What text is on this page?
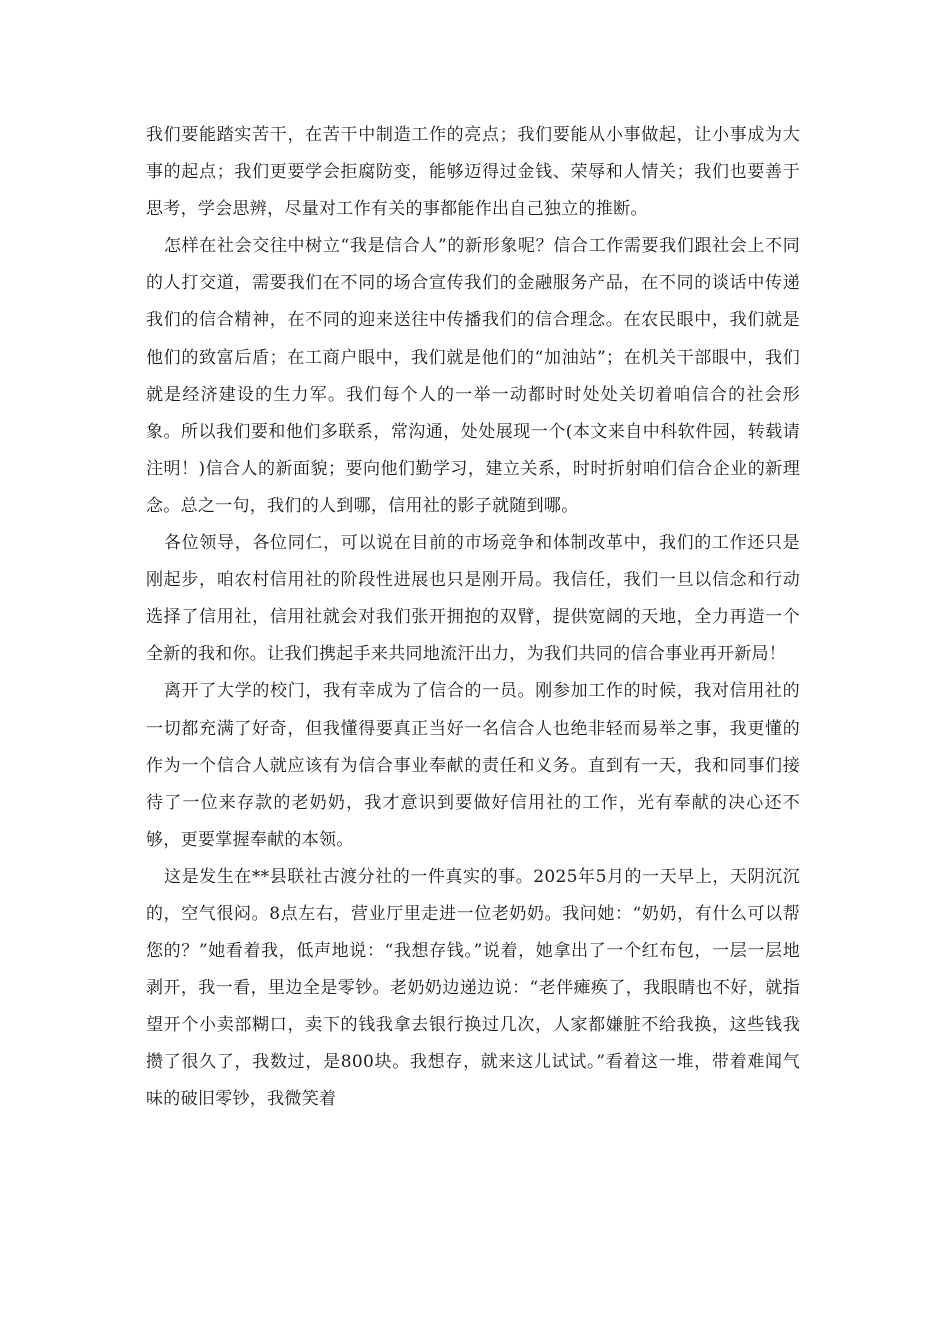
我们要能踏实苦干，在苦干中制造工作的亮点；我们要能从小事做起，让小事成为大事的起点；我们更要学会拒腐防变，能够迈得过金钱、荣辱和人情关；我们也要善于思考，学会思辨，尽量对工作有关的事都能作出自己独立的推断。

怎样在社会交往中树立“我是信合人”的新形象呢？信合工作需要我们跟社会上不同的人打交道，需要我们在不同的场合宣传我们的金融服务产品，在不同的谈话中传递我们的信合精神，在不同的迎来送往中传播我们的信合理念。在农民眼中，我们就是他们的致富后盾；在工商户眼中，我们就是他们的“加油站”；在机关干部眼中，我们就是经济建设的生力军。我们每个人的一举一动都时时处处关切着咱信合的社会形象。所以我们要和他们多联系，常沟通，处处展现一个(本文来自中科软件园，转载请注明！)信合人的新面貌；要向他们勤学习，建立关系，时时折射咱们信合企业的新理念。总之一句，我们的人到哪，信用社的影子就随到哪。

各位领导，各位同仁，可以说在目前的市场竞争和体制改革中，我们的工作还只是刚起步，咱农村信用社的阶段性进展也只是刚开局。我信任，我们一旦以信念和行动选择了信用社，信用社就会对我们张开拥抱的双臂，提供宽阔的天地，全力再造一个全新的我和你。让我们携起手来共同地流汗出力，为我们共同的信合事业再开新局！

离开了大学的校门，我有幸成为了信合的一员。刚参加工作的时候，我对信用社的一切都充满了好奇，但我懂得要真正当好一名信合人也绝非轻而易举之事，我更懂的作为一个信合人就应该有为信合事业奉献的责任和义务。直到有一天，我和同事们接待了一位来存款的老奶奶，我才意识到要做好信用社的工作，光有奉献的决心还不够，更要掌握奉献的本领。

这是发生在**县联社古渡分社的一件真实的事。2025年5月的一天早上，天阴沉沉的，空气很闷。8点左右，营业厅里走进一位老奶奶。我问她：“奶奶，有什么可以帮您的？”她看着我，低声地说：“我想存钱。”说着，她拿出了一个红布包，一层一层地剥开，我一看，里边全是零钞。老奶奶边递边说：“老伴瘫痪了，我眼睛也不好，就指望开个小卖部糊口，卖下的钱我拿去银行换过几次，人家都嫌脏不给我换，这些钱我攒了很久了，我数过，是800块。我想存，就来这儿试试。”看着这一堆，带着难闻气味的破旧零钞，我微笑着
